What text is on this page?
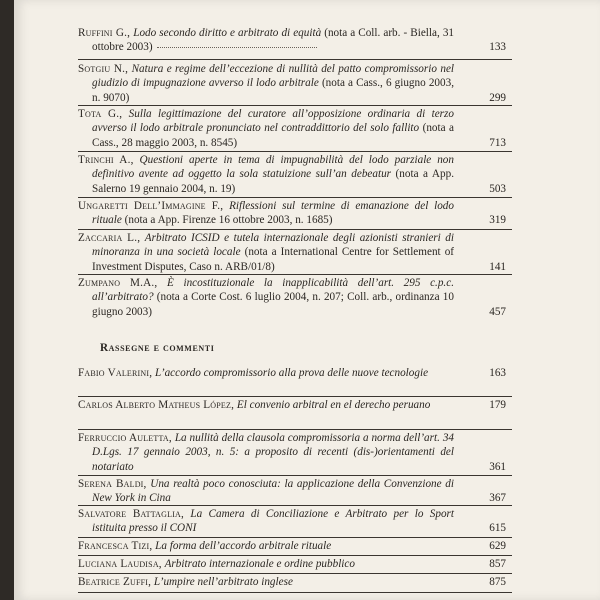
Ruffini G., Lodo secondo diritto e arbitrato di equità (nota a Coll. arb. - Biella, 31 ottobre 2003)	133
Sotgiu N., Natura e regime dell’eccezione di nullità del patto compromissorio nel giudizio di impugnazione avverso il lodo arbitrale (nota a Cass., 6 giugno 2003, n. 9070)	299
Tota G., Sulla legittimazione del curatore all’opposizione ordinaria di terzo avverso il lodo arbitrale pronunciato nel contraddittorio del solo fallito (nota a Cass., 28 maggio 2003, n. 8545)	713
Trinchi A., Questioni aperte in tema di impugnabilità del lodo parziale non definitivo avente ad oggetto la sola statuizione sull’an debeatur (nota a App. Salerno 19 gennaio 2004, n. 19)	503
Ungaretti Dell’Immagine F., Riflessioni sul termine di emanazione del lodo rituale (nota a App. Firenze 16 ottobre 2003, n. 1685)	319
Zaccaria L., Arbitrato ICSID e tutela internazionale degli azionisti stranieri di minoranza in una società locale (nota a International Centre for Settlement of Investment Disputes, Caso n. ARB/01/8)	141
Zumpano M.A., È incostituzionale la inapplicabilità dell’art. 295 c.p.c. all’arbitrato? (nota a Corte Cost. 6 luglio 2004, n. 207; Coll. arb., ordinanza 10 giugno 2003)	457
Rassegne e commenti
Fabio Valerini, L’accordo compromissorio alla prova delle nuove tecnologie	163
Carlos Alberto Matheus López, El convenio arbitral en el derecho peruano	179
Ferruccio Auletta, La nullità della clausola compromissoria a norma dell’art. 34 D.Lgs. 17 gennaio 2003, n. 5: a proposito di recenti (dis-)orientamenti del notariato	361
Serena Baldi, Una realtà poco conosciuta: la applicazione della Convenzione di New York in Cina	367
Salvatore Battaglia, La Camera di Conciliazione e Arbitrato per lo Sport istituita presso il CONI	615
Francesca Tizi, La forma dell’accordo arbitrale rituale	629
Luciana Laudisa, Arbitrato internazionale e ordine pubblico	857
Beatrice Zuffi, L’umpire nell’arbitrato inglese	875
